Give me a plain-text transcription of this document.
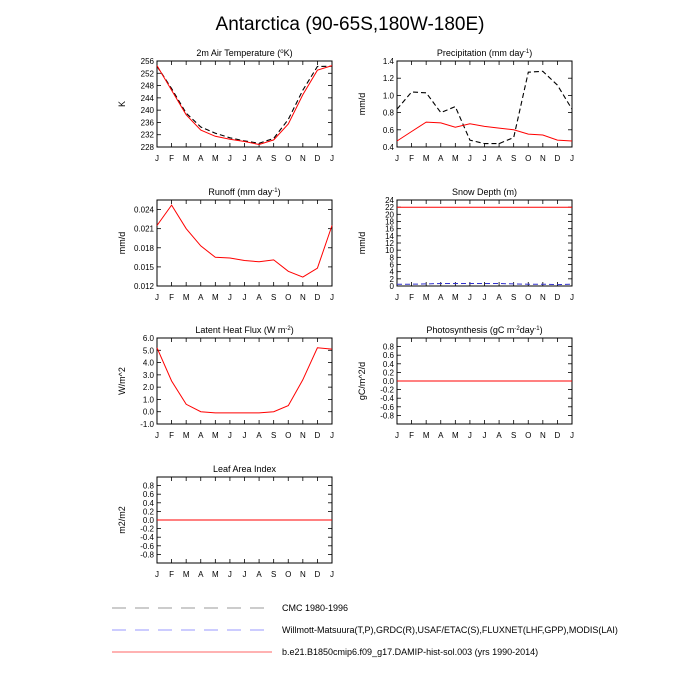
Antarctica (90-65S,180W-180E)
2m Air Temperature ($^o$K)
228
232
236
240
244
248
252
256
J F M A M J J A S O N D J
K
Precipitation (mm day$^{-1}$)
0.4
0.6
0.8
1.0
1.2
1.4
J F M A M J J A S O N D J
mm/d
Runoff (mm day$^{-1}$)
0.012
0.015
0.018
0.021
0.024
J F M A M J J A S O N D J
mm/d
Snow Depth (m)
0
2
4
6
8
10
12
14
16
18
20
22
24
J F M A M J J A S O N D J
mm/d
Latent Heat Flux (W $m^{-2}$)
-1.0
0.0
1.0
2.0
3.0
4.0
5.0
6.0
J F M A M J J A S O N D J
W/m^2
Photosynthesis (gC $m^{-2}day^{-1}$)
-0.8
-0.6
-0.4
-0.2
0.0
0.2
0.4
0.6
0.8
J F M A M J J A S O N D J
gC/m^2/d
Leaf Area Index
-0.8
-0.6
-0.4
-0.2
0.0
0.2
0.4
0.6
0.8
J F M A M J J A S O N D J
m2/m2
CMC 1980-1996
Willmott-Matsuura(T,P),GRDC(R),USAF/ETAC(S),FLUXNET(LHF,GPP),MODIS(LAI)
b.e21.B1850cmip6.f09_g17.DAMIP-hist-sol.003 (yrs 1990-2014)
